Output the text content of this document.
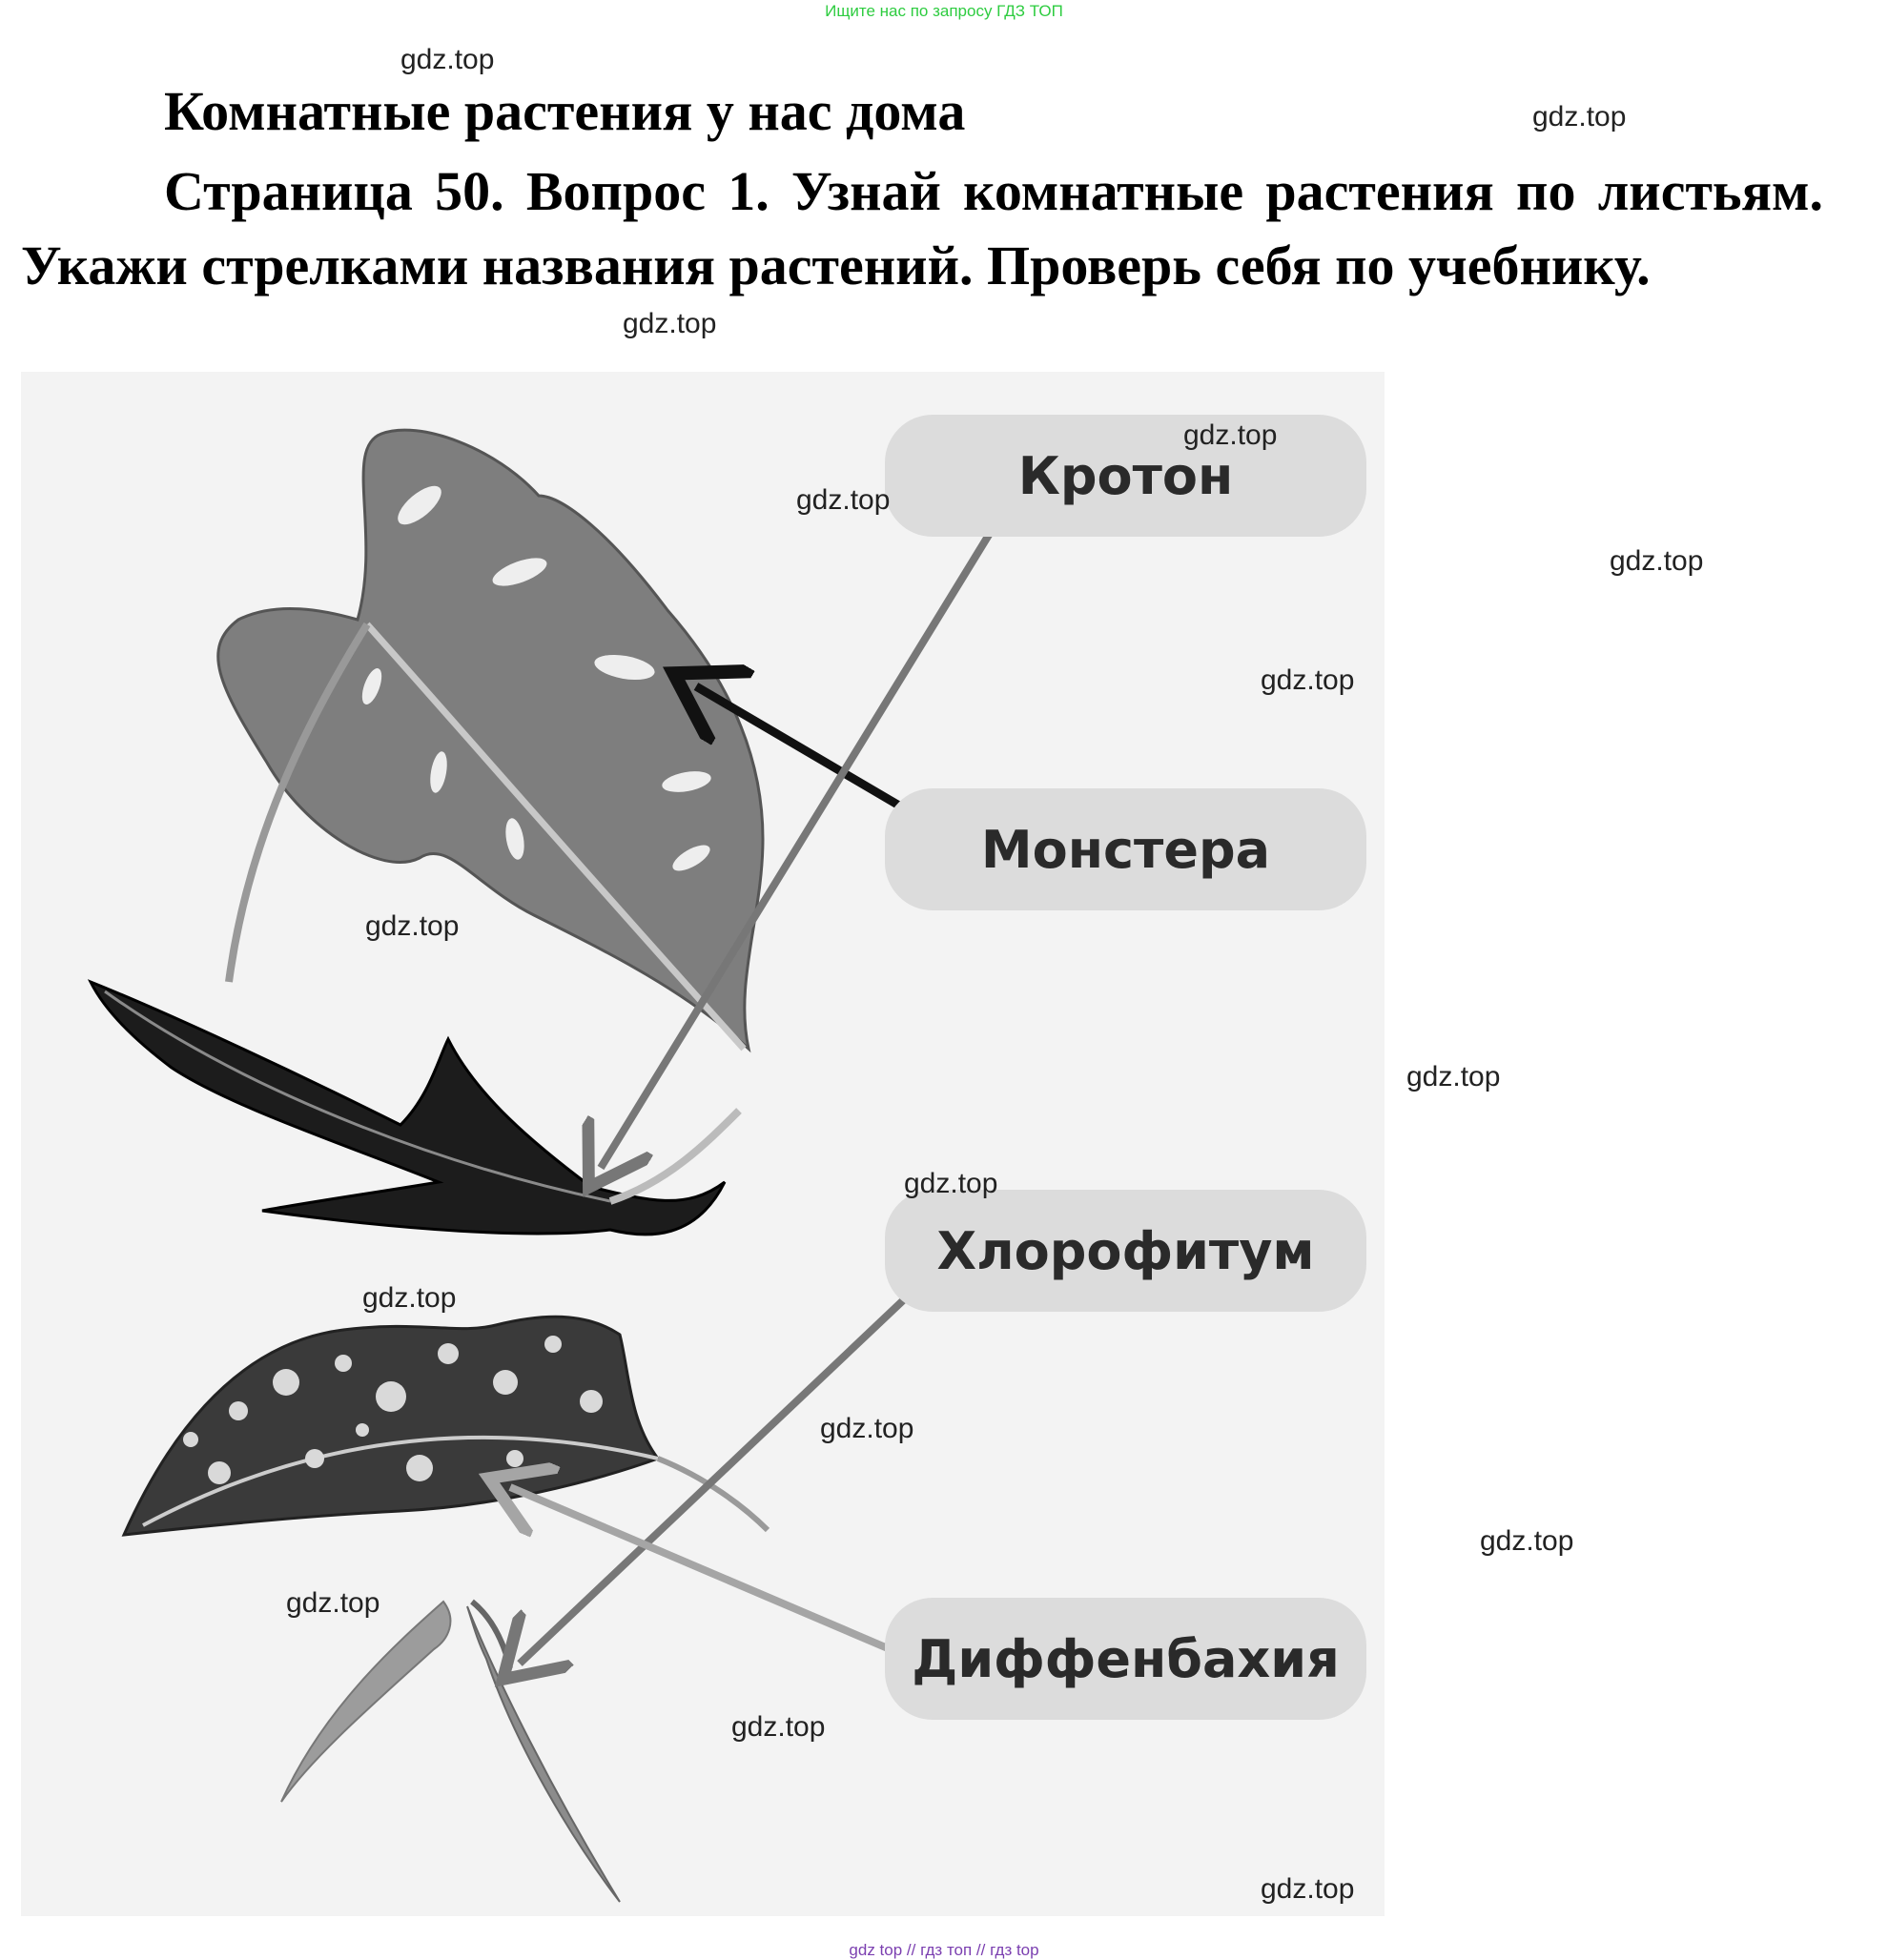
Ищите нас по запросу ГДЗ ТОП
Комнатные растения у нас дома

Страница 50. Вопрос 1. Узнай комнатные растения по листьям. Укажи стрелками названия растений. Проверь себя по учебнику.

Кротон
Монстера
Хлорофитум
Диффенбахия
gdz.top
gdz.top
gdz.top
gdz.top
gdz.top
gdz.top
gdz.top
gdz.top
gdz.top
gdz.top
gdz.top
gdz.top
gdz.top
gdz.top
gdz.top
gdz.top
gdz top // гдз топ // гдз top
